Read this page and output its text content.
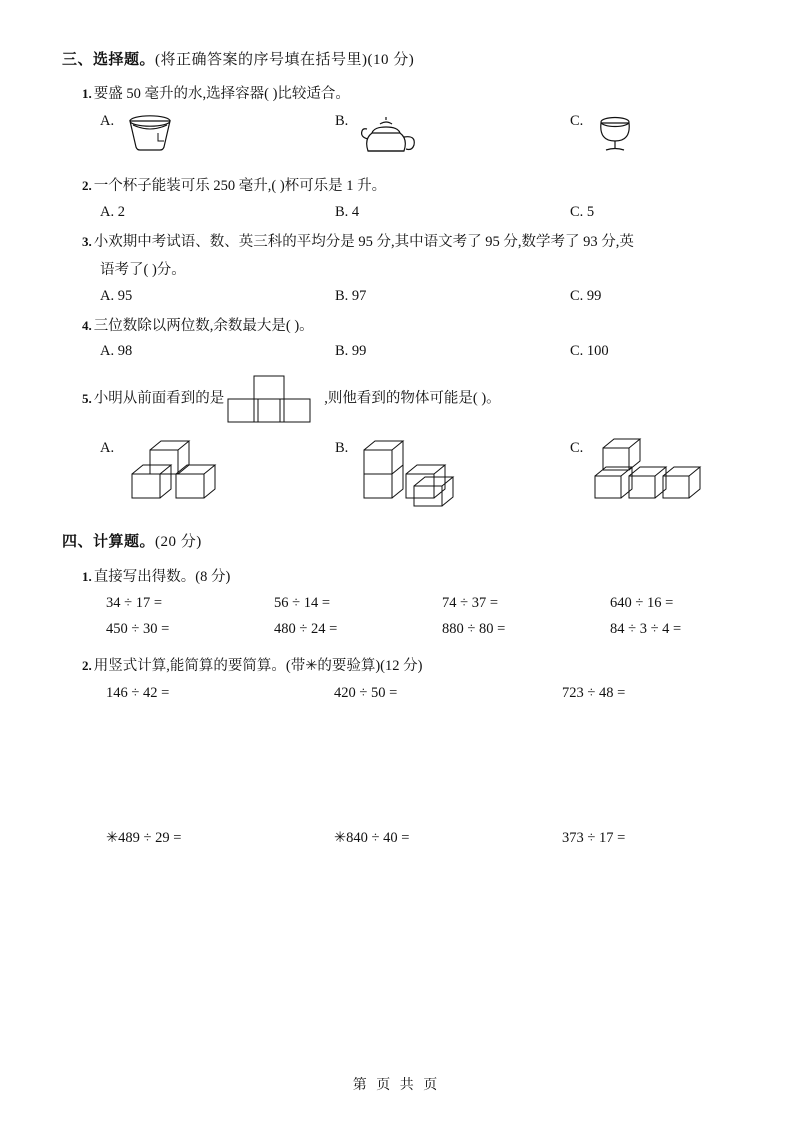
三、选择题。(将正确答案的序号填在括号里)(10 分)
1. 要盛 50 毫升的水,选择容器( )比较适合。
A.	B.	C.
2. 一个杯子能装可乐 250 毫升,( )杯可乐是 1 升。
A. 2	B. 4	C. 5
3. 小欢期中考试语、数、英三科的平均分是 95 分,其中语文考了 95 分,数学考了 93 分,英
语考了( )分。
A. 95	B. 97	C. 99
4. 三位数除以两位数,余数最大是( )。
A. 98	B. 99	C. 100
5. 小明从前面看到的是	,则他看到的物体可能是( )。
A.	B.	C.
四、计算题。(20 分)
1. 直接写出得数。(8 分)
34 ÷ 17 =	56 ÷ 14 =	74 ÷ 37 =	640 ÷ 16 =
450 ÷ 30 =	480 ÷ 24 =	880 ÷ 80 =	84 ÷ 3 ÷ 4 =
2. 用竖式计算,能简算的要简算。(带✳的要验算)(12 分)
146 ÷ 42 =	420 ÷ 50 =	723 ÷ 48 =
✳489 ÷ 29 =	✳840 ÷ 40 =	373 ÷ 17 =
第 页 共 页
